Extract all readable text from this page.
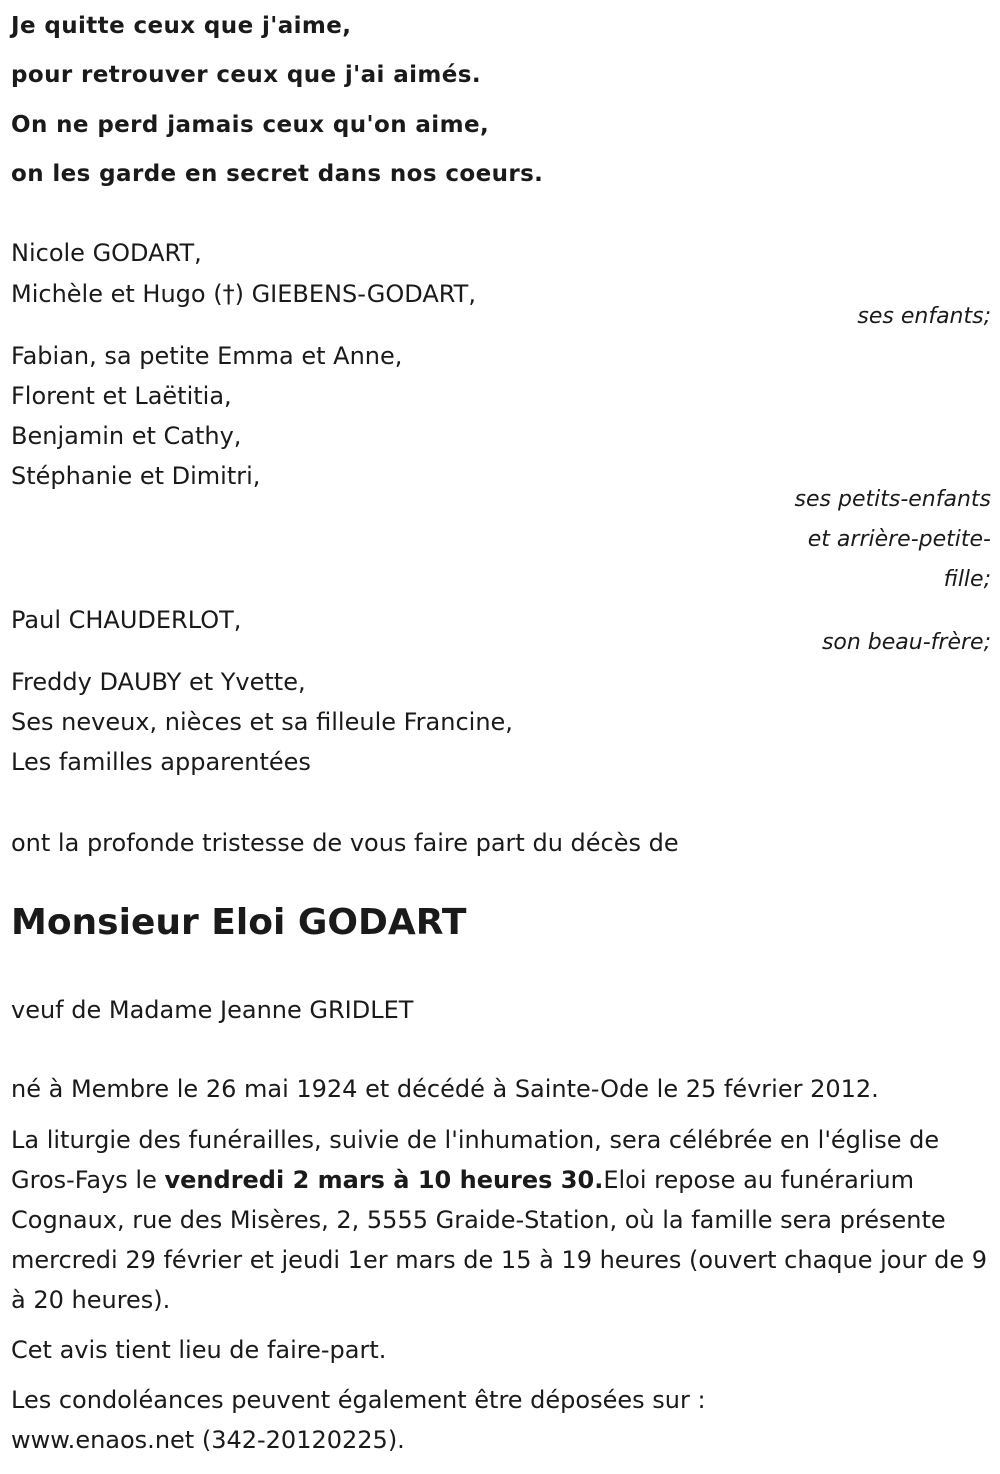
Je quitte ceux que j'aime,
pour retrouver ceux que j'ai aimés.
On ne perd jamais ceux qu'on aime,
on les garde en secret dans nos coeurs.
Nicole GODART,
Michèle et Hugo (†) GIEBENS-GODART,
ses enfants;
Fabian, sa petite Emma et Anne,
Florent et Laëtitia,
Benjamin et Cathy,
Stéphanie et Dimitri,
ses petits-enfants
et arrière-petite-
fille;
Paul CHAUDERLOT,
son beau-frère;
Freddy DAUBY et Yvette,
Ses neveux, nièces et sa filleule Francine,
Les familles apparentées
ont la profonde tristesse de vous faire part du décès de
Monsieur Eloi GODART
veuf de Madame Jeanne GRIDLET
né à Membre le 26 mai 1924 et décédé à Sainte-Ode le 25 février 2012.
La liturgie des funérailles, suivie de l'inhumation, sera célébrée en l'église de Gros-Fays le vendredi 2 mars à 10 heures 30.Eloi repose au funérarium Cognaux, rue des Misères, 2, 5555 Graide-Station, où la famille sera présente mercredi 29 février et jeudi 1er mars de 15 à 19 heures (ouvert chaque jour de 9 à 20 heures).
Cet avis tient lieu de faire-part.
Les condoléances peuvent également être déposées sur : www.enaos.net (342-20120225).
